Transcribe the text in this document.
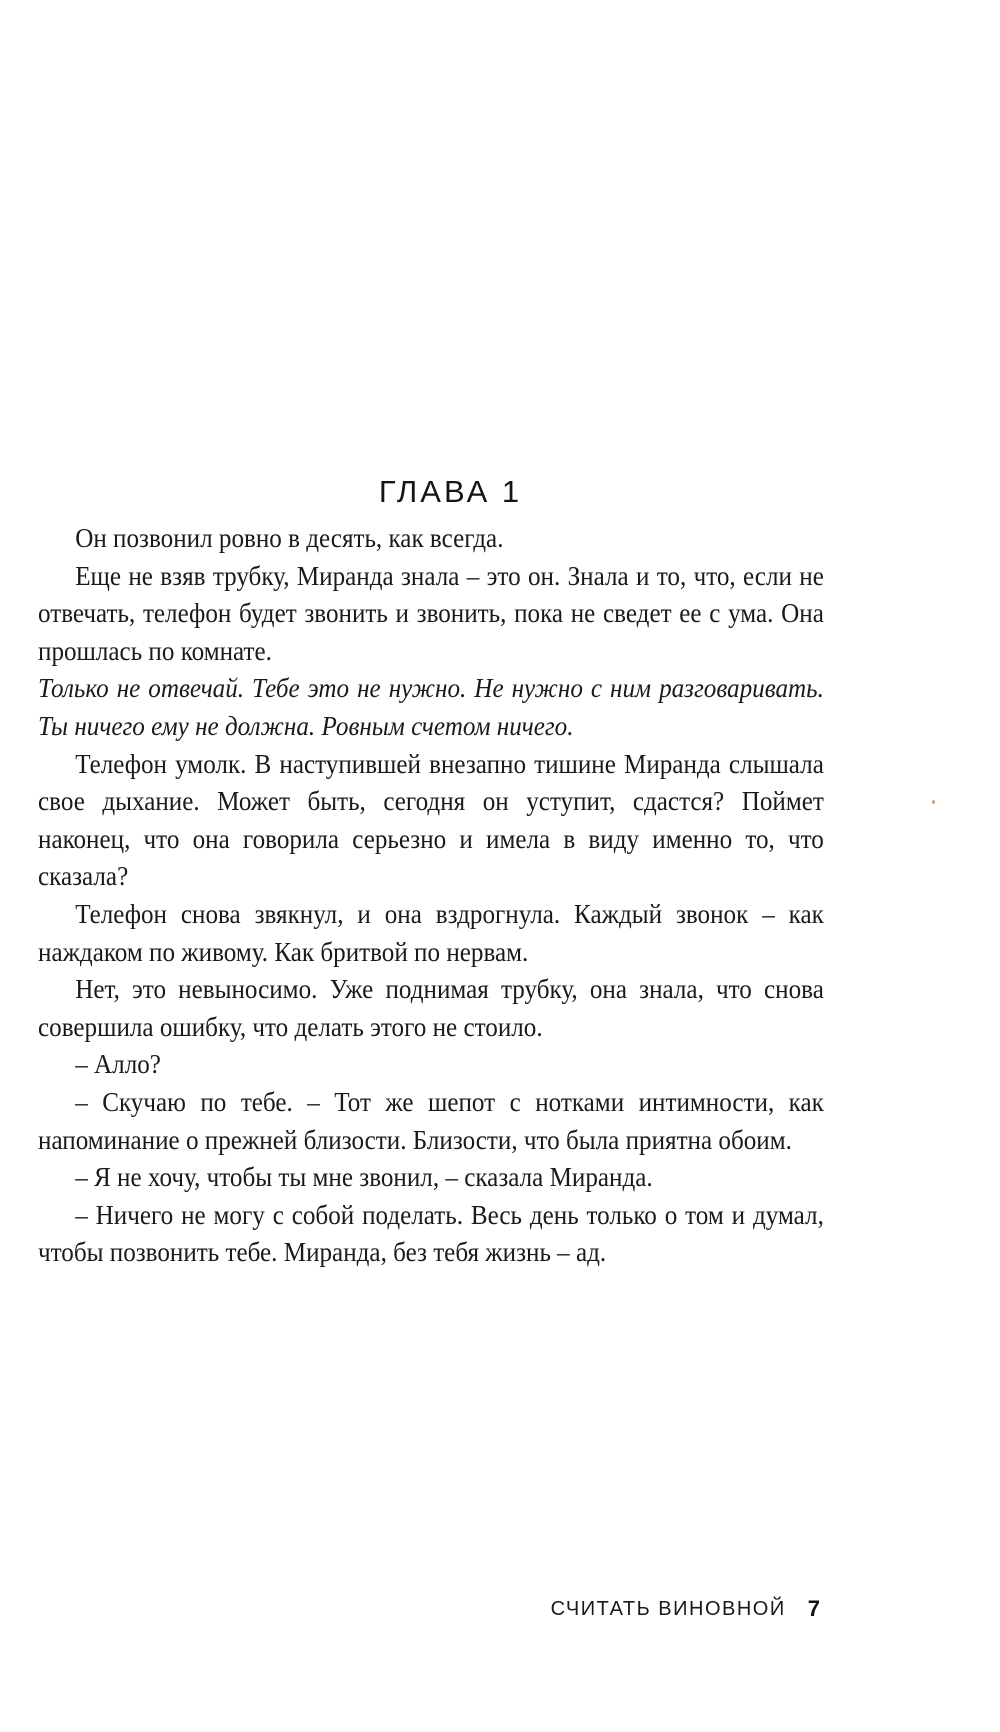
ГЛАВА 1

Он позвонил ровно в десять, как всегда.

Еще не взяв трубку, Миранда знала – это он. Знала и то, что, если не отвечать, телефон будет звонить и звонить, пока не сведет ее с ума. Она прошлась по комнате.

Только не отвечай. Тебе это не нужно. Не нужно с ним разговаривать. Ты ничего ему не должна. Ровным счетом ничего.

Телефон умолк. В наступившей внезапно тишине Миранда слышала свое дыхание. Может быть, сегодня он уступит, сдастся? Поймет наконец, что она говорила серьезно и имела в виду именно то, что сказала?

Телефон снова звякнул, и она вздрогнула. Каждый звонок – как наждаком по живому. Как бритвой по нервам.

Нет, это невыносимо. Уже поднимая трубку, она знала, что снова совершила ошибку, что делать этого не стоило.

– Алло?

– Скучаю по тебе. – Тот же шепот с нотками интимности, как напоминание о прежней близости. Близости, что была приятна обоим.

– Я не хочу, чтобы ты мне звонил, – сказала Миранда.

– Ничего не могу с собой поделать. Весь день только о том и думал, чтобы позвонить тебе. Миранда, без тебя жизнь – ад.

СЧИТАТЬ ВИНОВНОЙ 7
